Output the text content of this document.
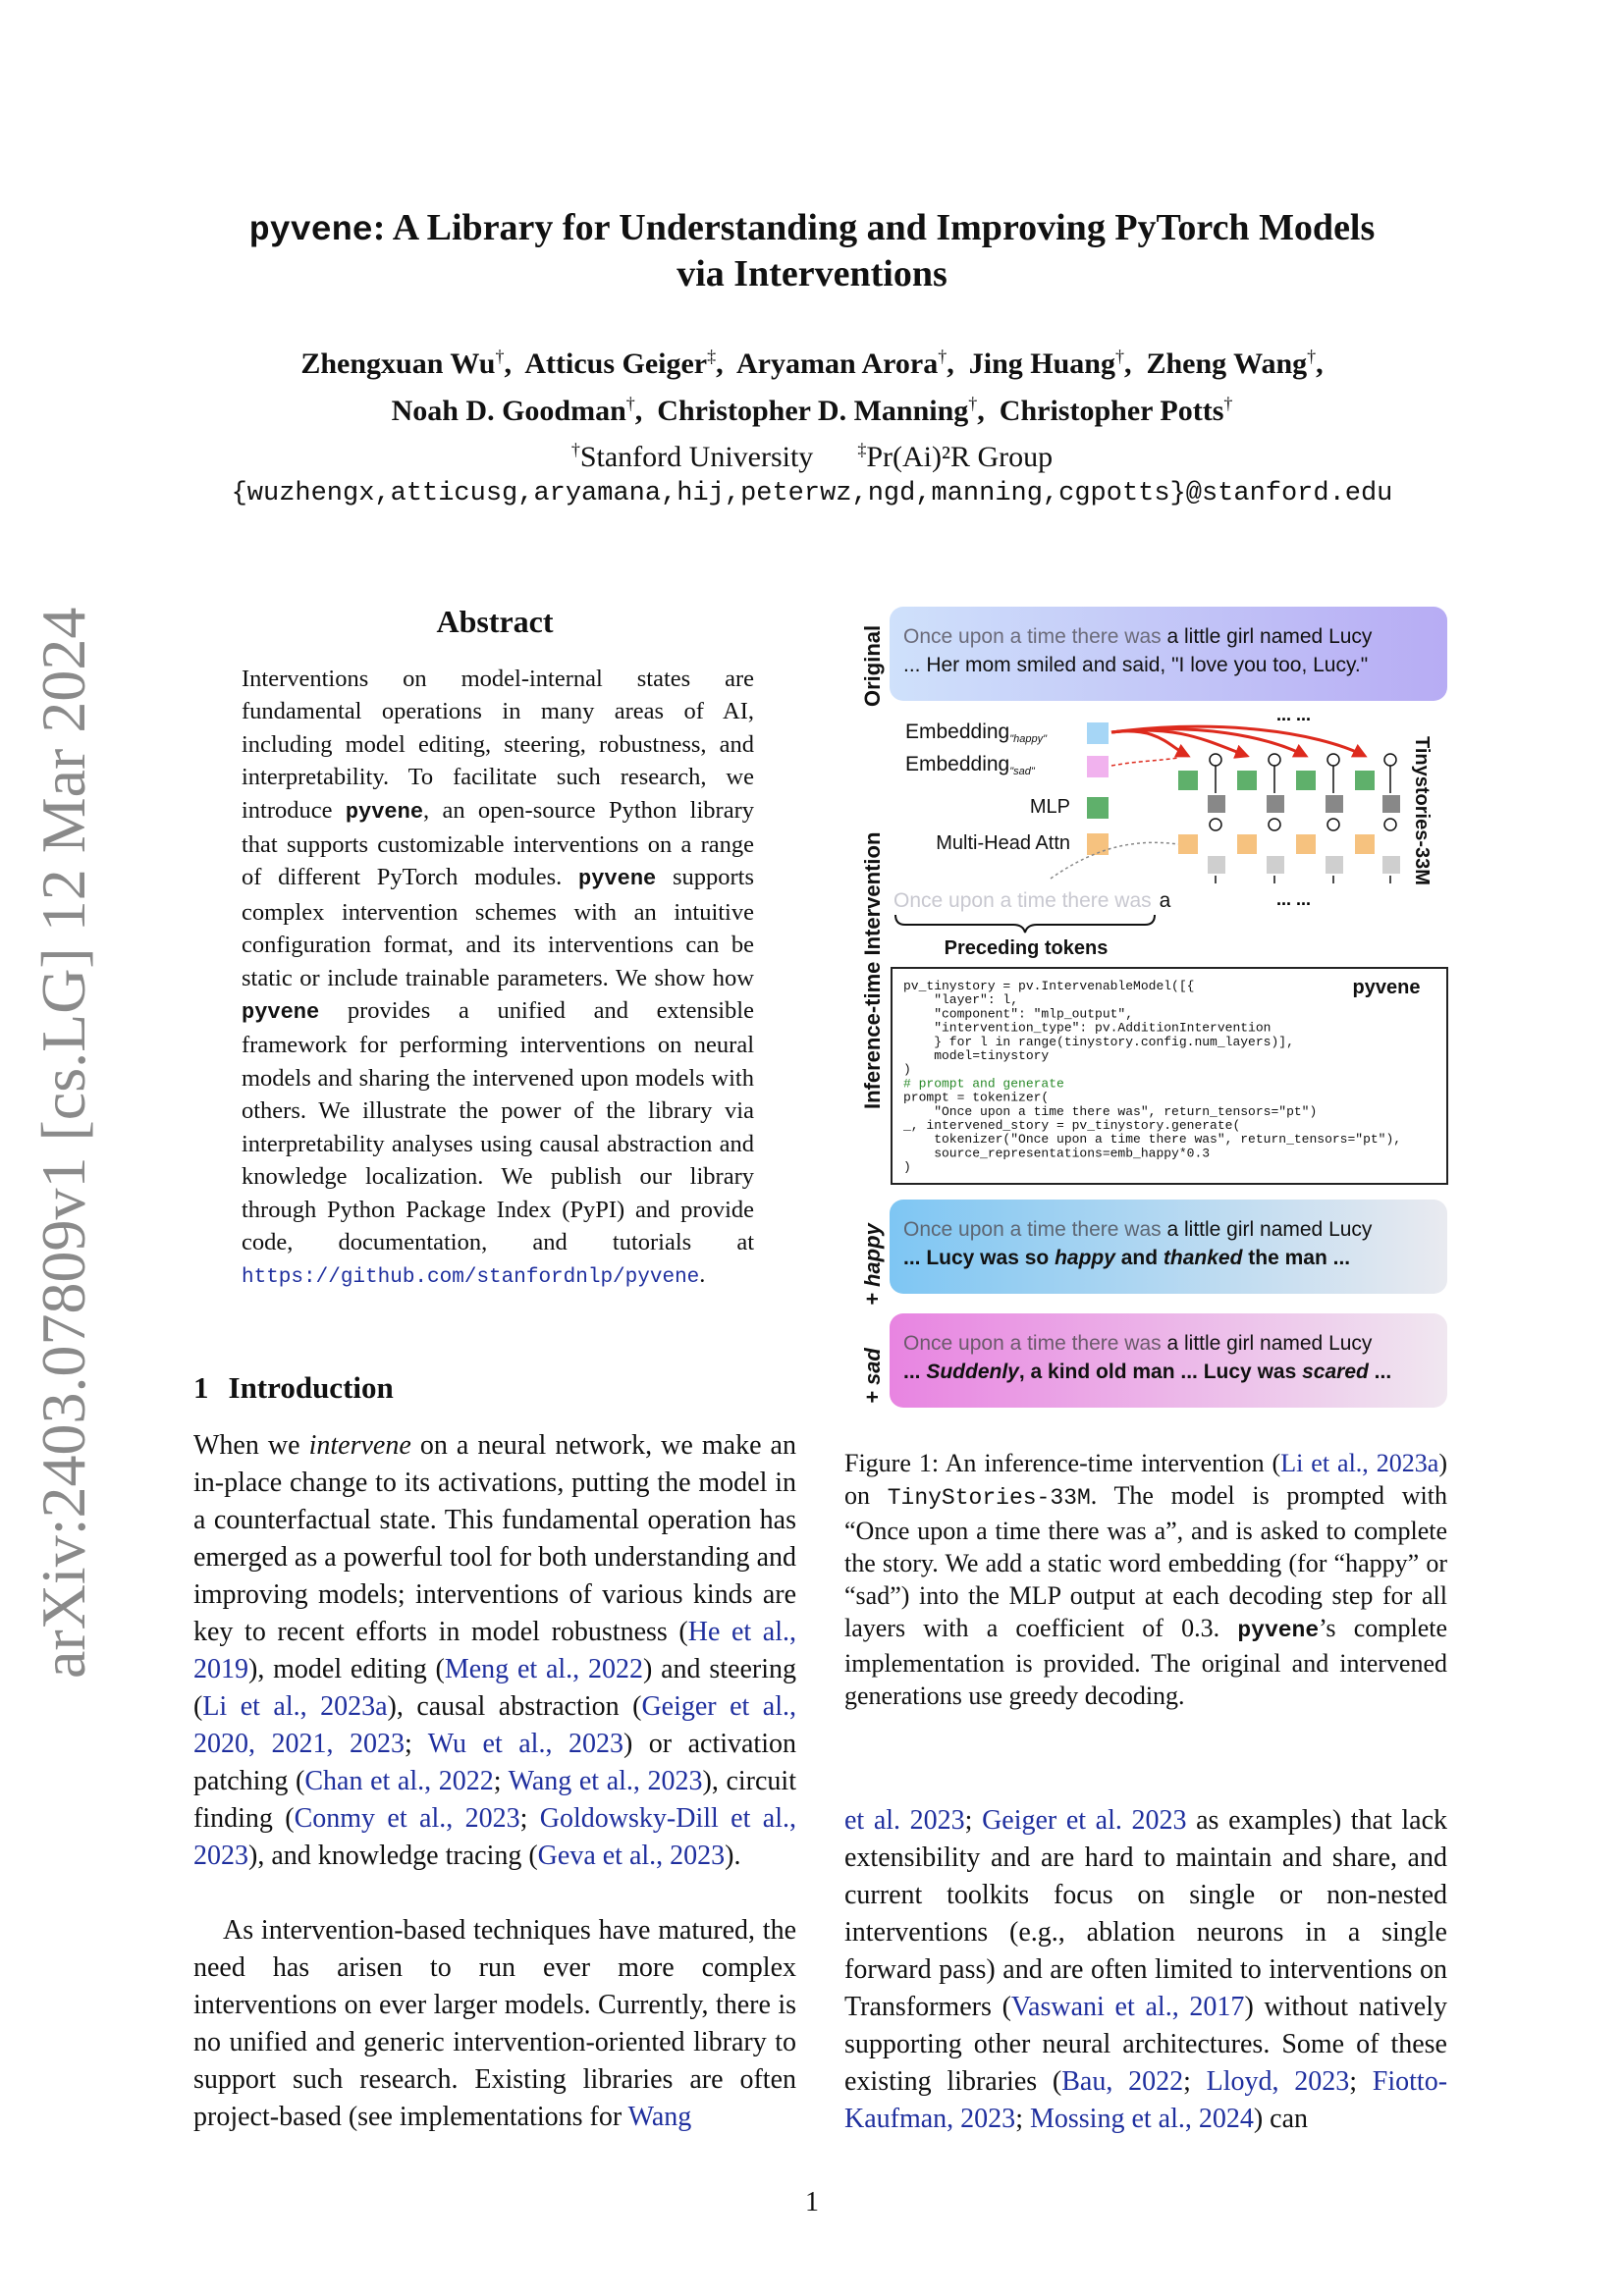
arXiv:2403.07809v1 [cs.LG] 12 Mar 2024
pyvene: A Library for Understanding and Improving PyTorch Models
via Interventions
Zhengxuan Wu†,  Atticus Geiger‡,  Aryaman Arora†,  Jing Huang†,  Zheng Wang†,
Noah D. Goodman†,  Christopher D. Manning†,  Christopher Potts†
†Stanford University	‡Pr(Ai)²R Group
{wuzhengx,atticusg,aryamana,hij,peterwz,ngd,manning,cgpotts}@stanford.edu
Abstract
Interventions on model-internal states are fundamental operations in many areas of AI, including model editing, steering, robustness, and interpretability. To facilitate such research, we introduce pyvene, an open-source Python library that supports customizable interventions on a range of different PyTorch modules. pyvene supports complex intervention schemes with an intuitive configuration format, and its interventions can be static or include trainable parameters. We show how pyvene provides a unified and extensible framework for performing interventions on neural models and sharing the intervened upon models with others. We illustrate the power of the library via interpretability analyses using causal abstraction and knowledge localization. We publish our library through Python Package Index (PyPI) and provide code, documentation, and tutorials at https://github.com/stanfordnlp/pyvene.
1 Introduction
When we intervene on a neural network, we make an in-place change to its activations, putting the model in a counterfactual state. This fundamental operation has emerged as a powerful tool for both understanding and improving models; interventions of various kinds are key to recent efforts in model robustness (He et al., 2019), model editing (Meng et al., 2022) and steering (Li et al., 2023a), causal abstraction (Geiger et al., 2020, 2021, 2023; Wu et al., 2023) or activation patching (Chan et al., 2022; Wang et al., 2023), circuit finding (Conmy et al., 2023; Goldowsky-Dill et al., 2023), and knowledge tracing (Geva et al., 2023).
As intervention-based techniques have matured, the need has arisen to run ever more complex interventions on ever larger models. Currently, there is no unified and generic intervention-oriented library to support such research. Existing libraries are often project-based (see implementations for Wang
Original
Inference-time Intervention
+ happy
+ sad
Tinystories-33M
Once upon a time there was a little girl named Lucy
... Her mom smiled and said, "I love you too, Lucy."
Embedding"happy"
Embedding"sad"
MLP
Multi-Head Attn
... ...
Once upon a time there was a	... ...
Preceding tokens
pyvene
pv_tinystory = pv.IntervenableModel([{
"layer": l,
"component": "mlp_output",
"intervention_type": pv.AdditionIntervention
} for l in range(tinystory.config.num_layers)],
model=tinystory
)
# prompt and generate
prompt = tokenizer(
"Once upon a time there was", return_tensors="pt")
_, intervened_story = pv_tinystory.generate(
tokenizer("Once upon a time there was", return_tensors="pt"),
source_representations=emb_happy*0.3
)
Once upon a time there was a little girl named Lucy
... Lucy was so happy and thanked the man ...
Once upon a time there was a little girl named Lucy
... Suddenly, a kind old man ... Lucy was scared ...
Figure 1: An inference-time intervention (Li et al., 2023a) on TinyStories-33M. The model is prompted with “Once upon a time there was a”, and is asked to complete the story. We add a static word embedding (for “happy” or “sad”) into the MLP output at each decoding step for all layers with a coefficient of 0.3. pyvene’s complete implementation is provided. The original and intervened generations use greedy decoding.
et al. 2023; Geiger et al. 2023 as examples) that lack extensibility and are hard to maintain and share, and current toolkits focus on single or non-nested interventions (e.g., ablation neurons in a single forward pass) and are often limited to interventions on Transformers (Vaswani et al., 2017) without natively supporting other neural architectures. Some of these existing libraries (Bau, 2022; Lloyd, 2023; Fiotto-Kaufman, 2023; Mossing et al., 2024) can
1
